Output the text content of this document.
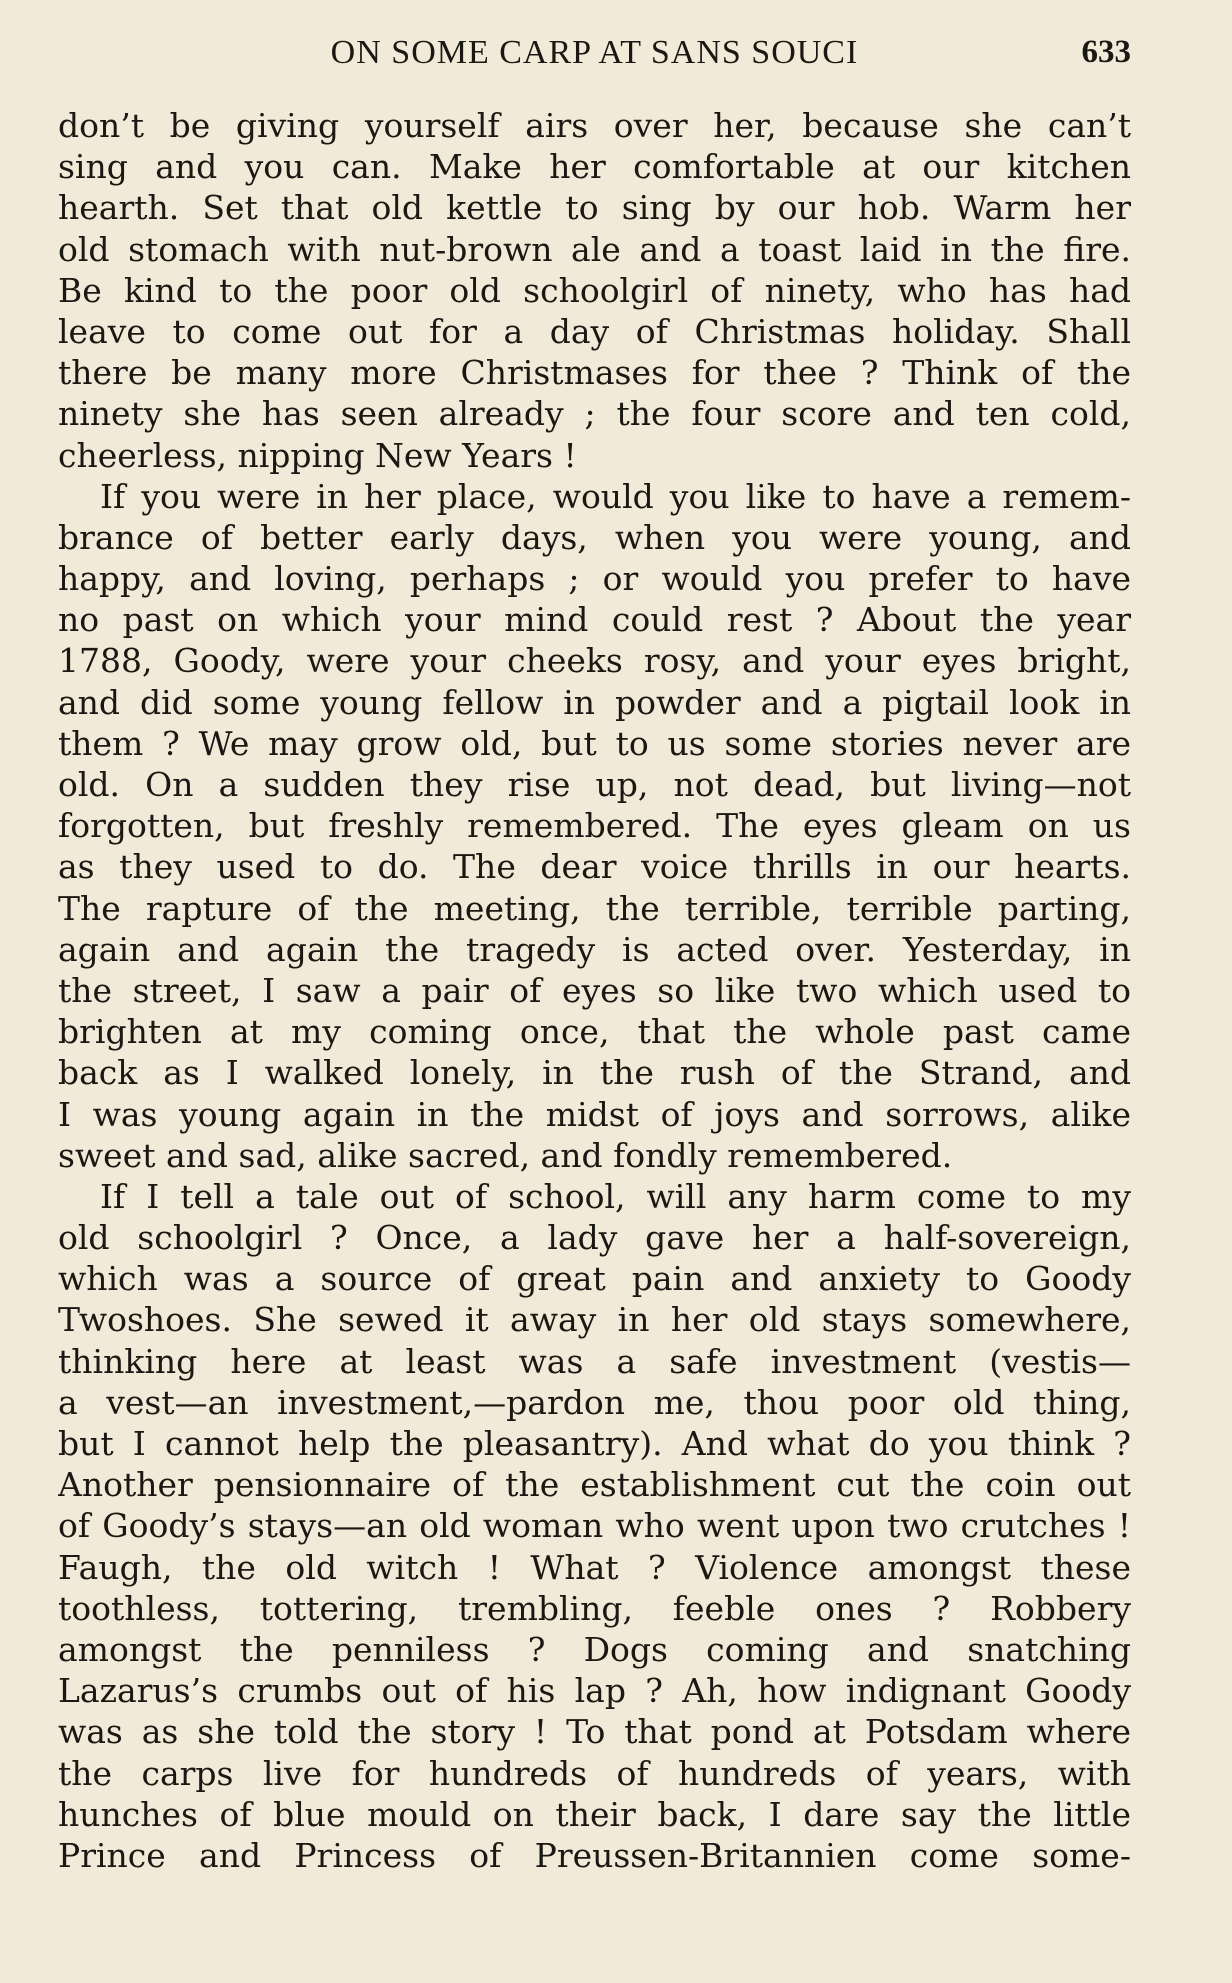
ON SOME CARP AT SANS SOUCI	633
don’t be giving yourself airs over her, because she can’t
sing and you can. Make her comfortable at our kitchen
hearth. Set that old kettle to sing by our hob. Warm her
old stomach with nut-brown ale and a toast laid in the fire.
Be kind to the poor old schoolgirl of ninety, who has had
leave to come out for a day of Christmas holiday. Shall
there be many more Christmases for thee ? Think of the
ninety she has seen already ; the four score and ten cold,
cheerless, nipping New Years !
If you were in her place, would you like to have a remem-
brance of better early days, when you were young, and
happy, and loving, perhaps ; or would you prefer to have
no past on which your mind could rest ? About the year
1788, Goody, were your cheeks rosy, and your eyes bright,
and did some young fellow in powder and a pigtail look in
them ? We may grow old, but to us some stories never are
old. On a sudden they rise up, not dead, but living—not
forgotten, but freshly remembered. The eyes gleam on us
as they used to do. The dear voice thrills in our hearts.
The rapture of the meeting, the terrible, terrible parting,
again and again the tragedy is acted over. Yesterday, in
the street, I saw a pair of eyes so like two which used to
brighten at my coming once, that the whole past came
back as I walked lonely, in the rush of the Strand, and
I was young again in the midst of joys and sorrows, alike
sweet and sad, alike sacred, and fondly remembered.
If I tell a tale out of school, will any harm come to my
old schoolgirl ? Once, a lady gave her a half-sovereign,
which was a source of great pain and anxiety to Goody
Twoshoes. She sewed it away in her old stays somewhere,
thinking here at least was a safe investment (vestis—
a vest—an investment,—pardon me, thou poor old thing,
but I cannot help the pleasantry). And what do you think ?
Another pensionnaire of the establishment cut the coin out
of Goody’s stays—an old woman who went upon two crutches !
Faugh, the old witch ! What ? Violence amongst these
toothless, tottering, trembling, feeble ones ? Robbery
amongst the penniless ? Dogs coming and snatching
Lazarus’s crumbs out of his lap ? Ah, how indignant Goody
was as she told the story ! To that pond at Potsdam where
the carps live for hundreds of hundreds of years, with
hunches of blue mould on their back, I dare say the little
Prince and Princess of Preussen-Britannien come some-
